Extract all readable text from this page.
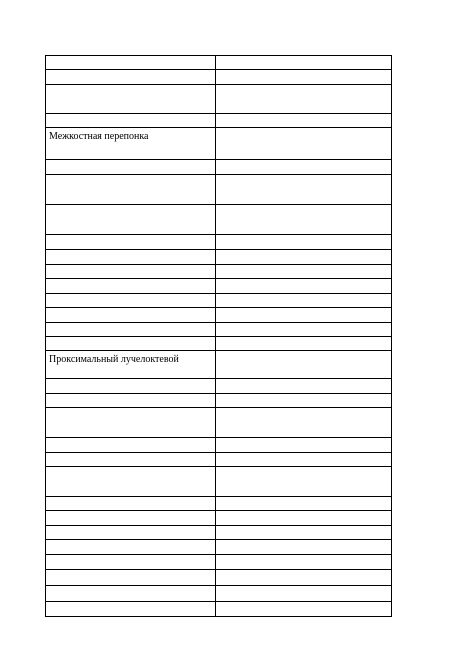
Межкостная перепонка	

Проксимальный лучелоктевой	
